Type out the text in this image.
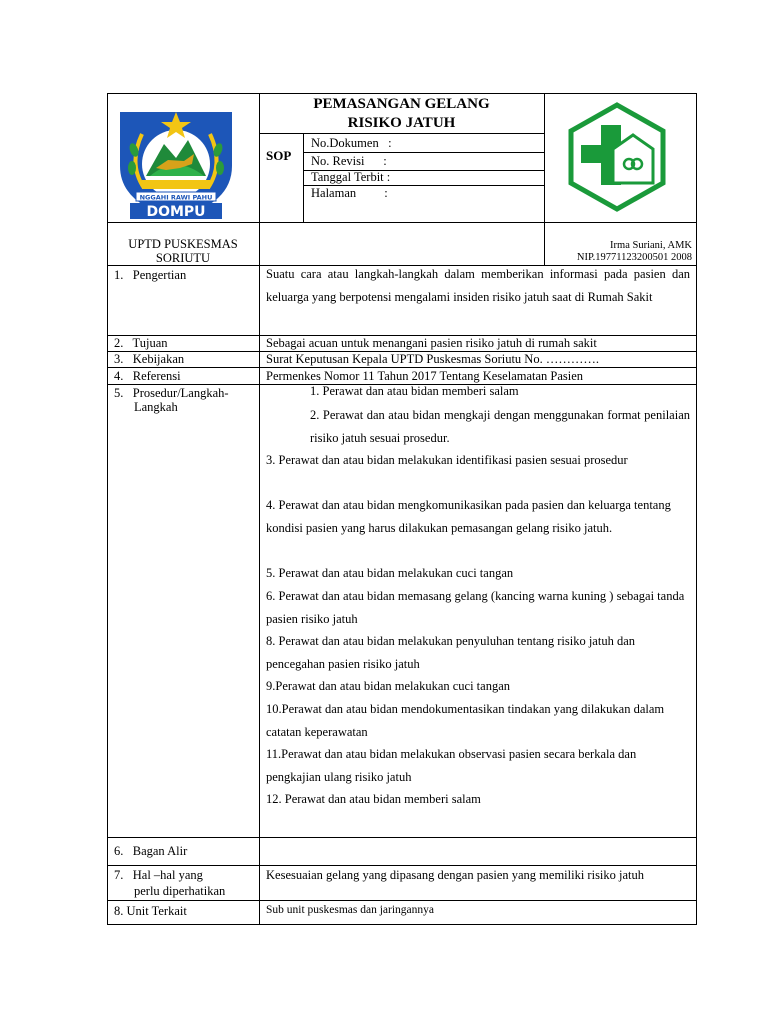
NGGAHI RAWI PAHU
DOMPU
PEMASANGAN GELANG
RISIKO JATUH
SOP
No.Dokumen   :
No. Revisi      :
Tanggal Terbit :
Halaman         :
UPTD PUSKESMAS
SORIUTU
Irma Suriani, AMK
NIP.19771123200501 2008
1.   Pengertian
2.   Tujuan
3.   Kebijakan
4.   Referensi
5.   Prosedur/Langkah-
Langkah
6.   Bagan Alir
7.   Hal –hal yang
perlu diperhatikan
8. Unit Terkait
Suatu cara atau langkah-langkah dalam memberikan informasi pada pasien dan keluarga yang berpotensi mengalami insiden risiko jatuh saat di Rumah Sakit
Sebagai acuan untuk menangani pasien risiko jatuh di rumah sakit
Surat Keputusan Kepala UPTD Puskesmas Soriutu No. ………….
Permenkes Nomor 11 Tahun 2017 Tentang Keselamatan Pasien
1. Perawat dan atau bidan memberi salam
2. Perawat dan atau bidan mengkaji dengan menggunakan format penilaian risiko jatuh sesuai prosedur.
3. Perawat dan atau bidan melakukan identifikasi pasien sesuai prosedur
4. Perawat dan atau bidan mengkomunikasikan pada pasien dan keluarga tentang kondisi pasien yang harus dilakukan pemasangan gelang risiko jatuh.
5. Perawat dan atau bidan melakukan cuci tangan
6. Perawat dan atau bidan memasang gelang (kancing warna kuning ) sebagai tanda pasien risiko jatuh
8. Perawat dan atau bidan melakukan penyuluhan tentang risiko jatuh dan pencegahan pasien risiko jatuh
9.Perawat dan atau bidan melakukan cuci tangan
10.Perawat dan atau bidan mendokumentasikan tindakan yang dilakukan dalam catatan keperawatan
11.Perawat dan atau bidan melakukan observasi pasien secara berkala dan pengkajian ulang risiko jatuh
12. Perawat dan atau bidan memberi salam
Kesesuaian gelang yang dipasang dengan pasien yang memiliki risiko jatuh
Sub unit puskesmas dan jaringannya
